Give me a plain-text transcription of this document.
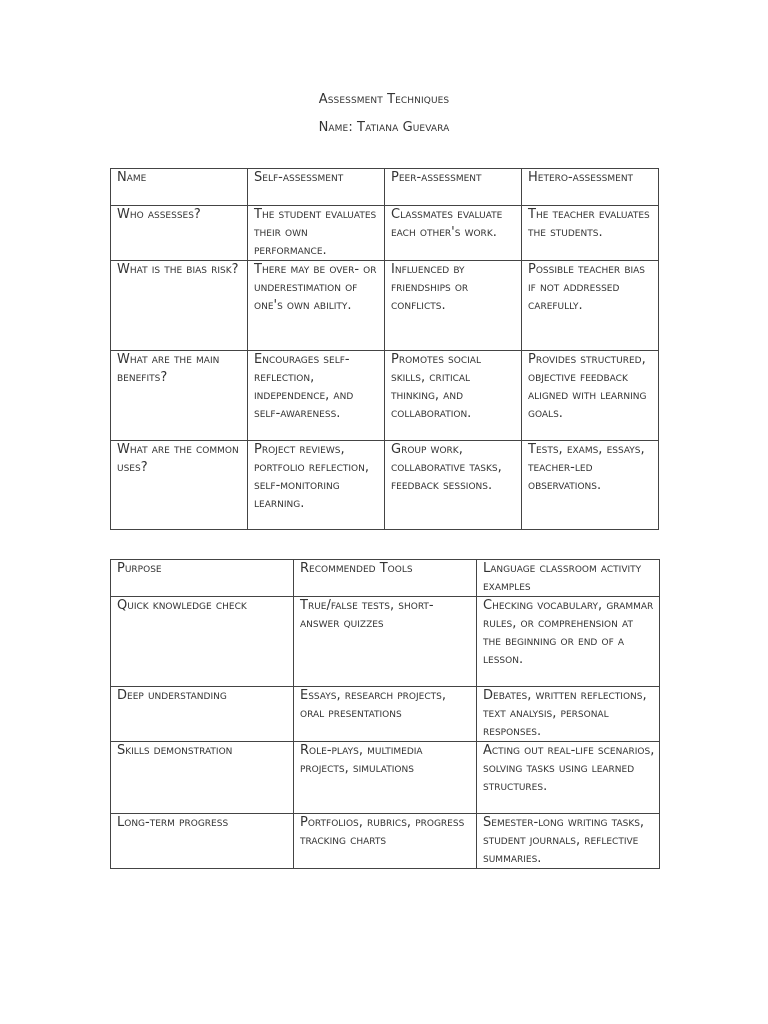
Assessment Techniques
Name: Tatiana Guevara
Name	Self-assessment	Peer-assessment	Hetero-assessment
Who assesses?	The student evaluates their own performance.	Classmates evaluate each other's work.	The teacher evaluates the students.
What is the bias risk?	There may be over- or underestimation of one's own ability.	Influenced by friendships or conflicts.	Possible teacher bias if not addressed carefully.
What are the main benefits?	Encourages self-reflection, independence, and self-awareness.	Promotes social skills, critical thinking, and collaboration.	Provides structured, objective feedback aligned with learning goals.
What are the common uses?	Project reviews, portfolio reflection, self-monitoring learning.	Group work, collaborative tasks, feedback sessions.	Tests, exams, essays, teacher-led observations.
Purpose	Recommended Tools	Language classroom activity examples
Quick knowledge check	True/false tests, short-answer quizzes	Checking vocabulary, grammar rules, or comprehension at the beginning or end of a lesson.
Deep understanding	Essays, research projects, oral presentations	Debates, written reflections, text analysis, personal responses.
Skills demonstration	Role-plays, multimedia projects, simulations	Acting out real-life scenarios, solving tasks using learned structures.
Long-term progress	Portfolios, rubrics, progress tracking charts	Semester-long writing tasks, student journals, reflective summaries.
